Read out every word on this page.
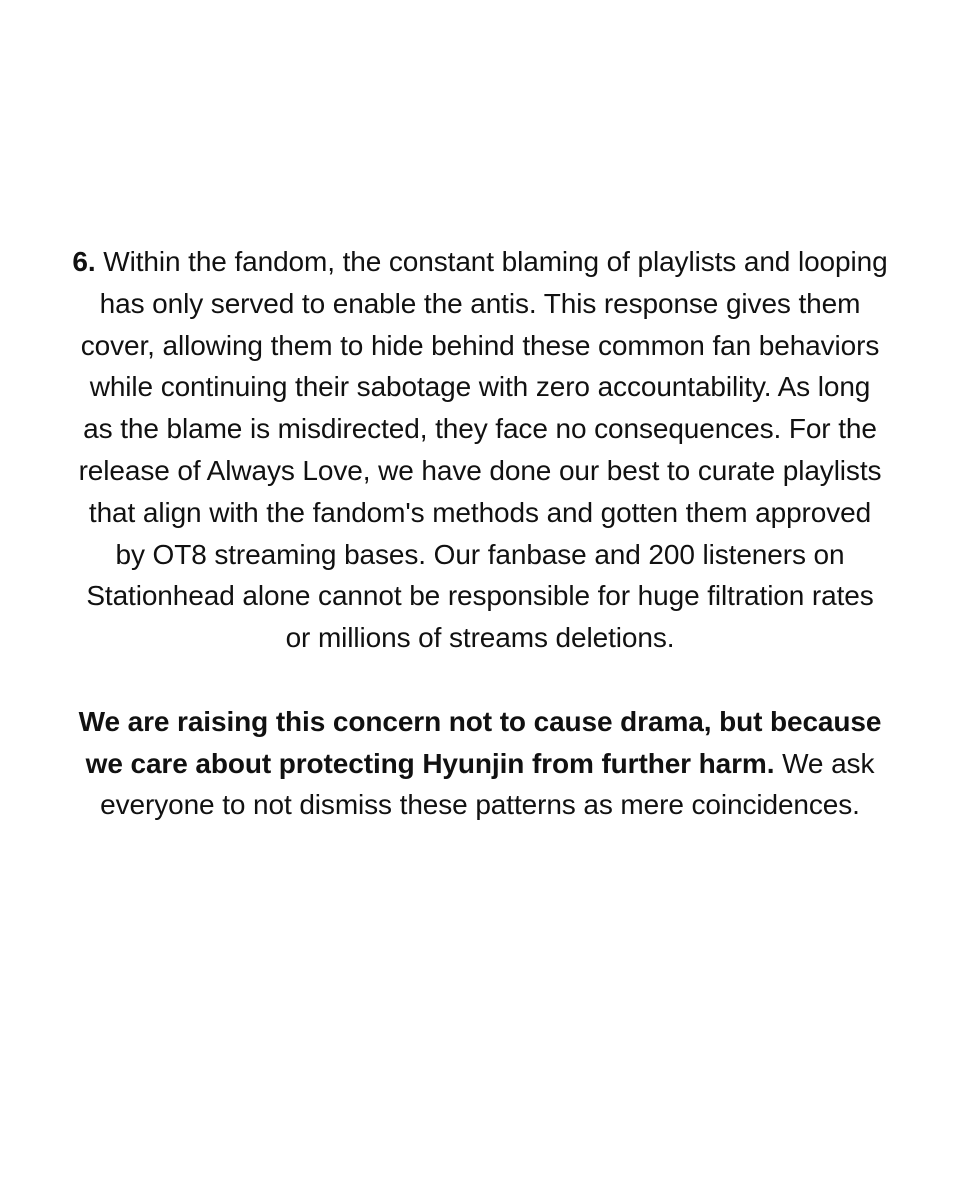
6. Within the fandom, the constant blaming of playlists and looping has only served to enable the antis. This response gives them cover, allowing them to hide behind these common fan behaviors while continuing their sabotage with zero accountability. As long as the blame is misdirected, they face no consequences. For the release of Always Love, we have done our best to curate playlists that align with the fandom's methods and gotten them approved by OT8 streaming bases. Our fanbase and 200 listeners on Stationhead alone cannot be responsible for huge filtration rates or millions of streams deletions.

We are raising this concern not to cause drama, but because we care about protecting Hyunjin from further harm. We ask everyone to not dismiss these patterns as mere coincidences.
